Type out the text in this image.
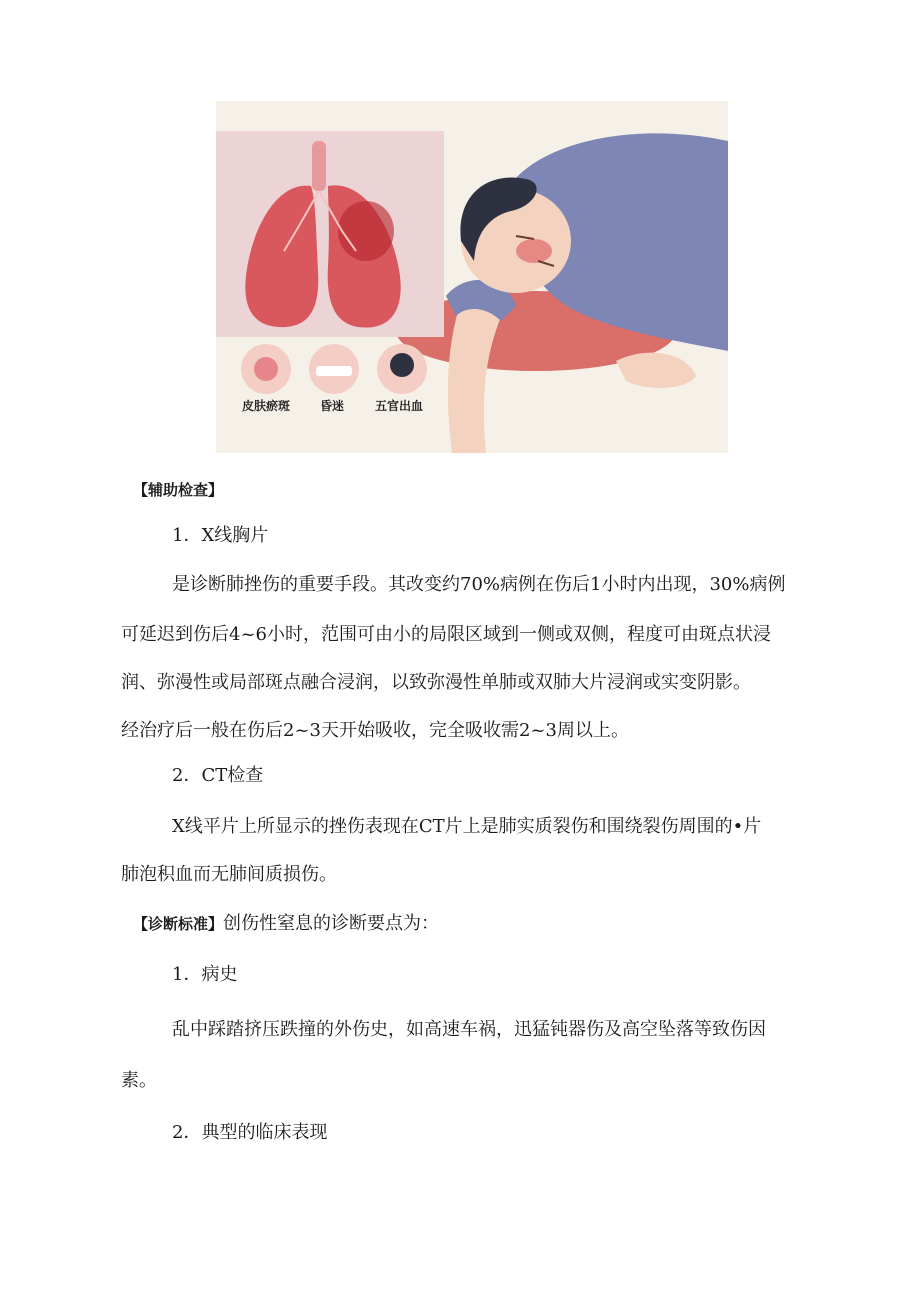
皮肤瘀斑 昏迷	五官出血
【辅助检查】
1．X线胸片
是诊断肺挫伤的重要手段。其改变约70%病例在伤后1小时内出现，30%病例
可延迟到伤后4~6小时，范围可由小的局限区域到一侧或双侧，程度可由斑点状浸
润、弥漫性或局部斑点融合浸润，以致弥漫性单肺或双肺大片浸润或实变阴影。
经治疗后一般在伤后2~3天开始吸收，完全吸收需2~3周以上。
2．CT检查
X线平片上所显示的挫伤表现在CT片上是肺实质裂伤和围绕裂伤周围的•片
肺泡积血而无肺间质损伤。
【诊断标准】创伤性窒息的诊断要点为：
1．病史
乱中踩踏挤压跌撞的外伤史，如高速车祸，迅猛钝器伤及高空坠落等致伤因
素。
2．典型的临床表现
